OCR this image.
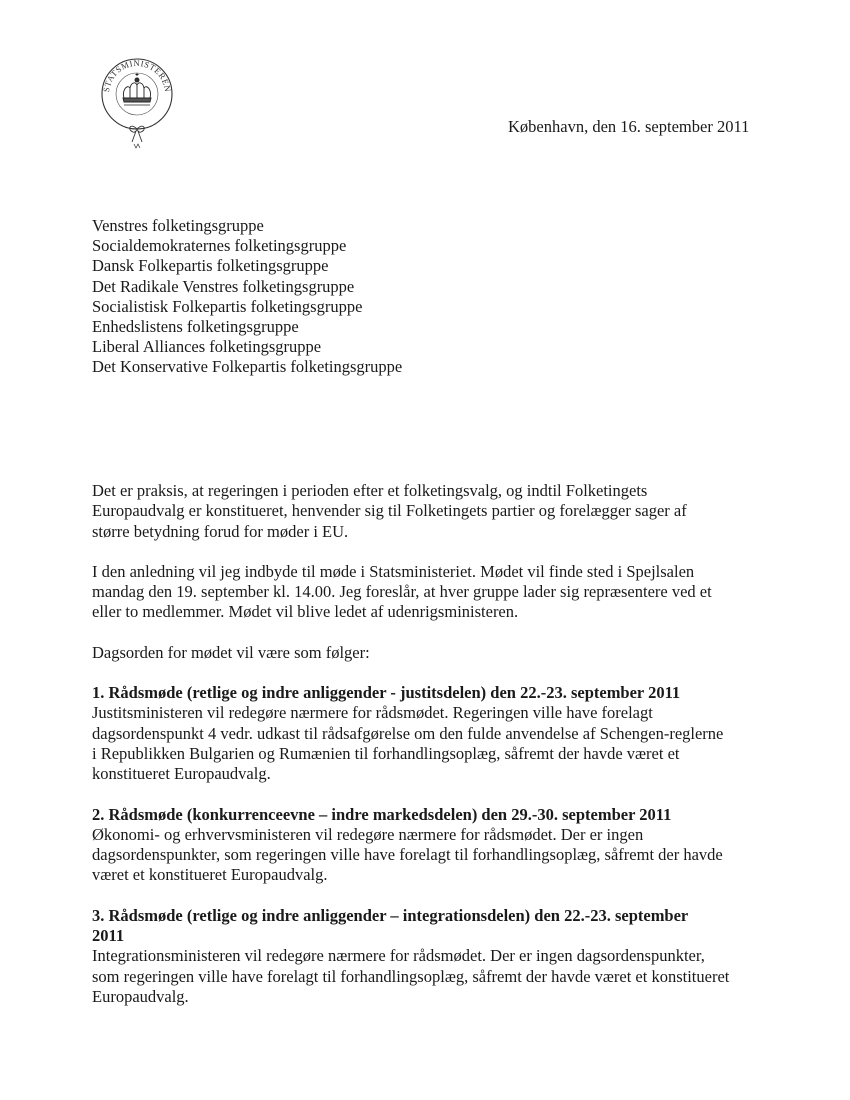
STATSMINISTEREN
København, den 16. september 2011
Venstres folketingsgruppe
Socialdemokraternes folketingsgruppe
Dansk Folkepartis folketingsgruppe
Det Radikale Venstres folketingsgruppe
Socialistisk Folkepartis folketingsgruppe
Enhedslistens folketingsgruppe
Liberal Alliances folketingsgruppe
Det Konservative Folkepartis folketingsgruppe
Det er praksis, at regeringen i perioden efter et folketingsvalg, og indtil Folketingets
Europaudvalg er konstitueret, henvender sig til Folketingets partier og forelægger sager af
større betydning forud for møder i EU.
I den anledning vil jeg indbyde til møde i Statsministeriet. Mødet vil finde sted i Spejlsalen
mandag den 19. september kl. 14.00. Jeg foreslår, at hver gruppe lader sig repræsentere ved et
eller to medlemmer. Mødet vil blive ledet af udenrigsministeren.
Dagsorden for mødet vil være som følger:
1. Rådsmøde (retlige og indre anliggender - justitsdelen) den 22.-23. september 2011
Justitsministeren vil redegøre nærmere for rådsmødet. Regeringen ville have forelagt
dagsordenspunkt 4 vedr. udkast til rådsafgørelse om den fulde anvendelse af Schengen-reglerne
i Republikken Bulgarien og Rumænien til forhandlingsoplæg, såfremt der havde været et
konstitueret Europaudvalg.
2. Rådsmøde (konkurrenceevne – indre markedsdelen) den 29.-30. september 2011
Økonomi- og erhvervsministeren vil redegøre nærmere for rådsmødet. Der er ingen
dagsordenspunkter, som regeringen ville have forelagt til forhandlingsoplæg, såfremt der havde
været et konstitueret Europaudvalg.
3. Rådsmøde (retlige og indre anliggender – integrationsdelen) den 22.-23. september
2011
Integrationsministeren vil redegøre nærmere for rådsmødet. Der er ingen dagsordenspunkter,
som regeringen ville have forelagt til forhandlingsoplæg, såfremt der havde været et konstitueret
Europaudvalg.
